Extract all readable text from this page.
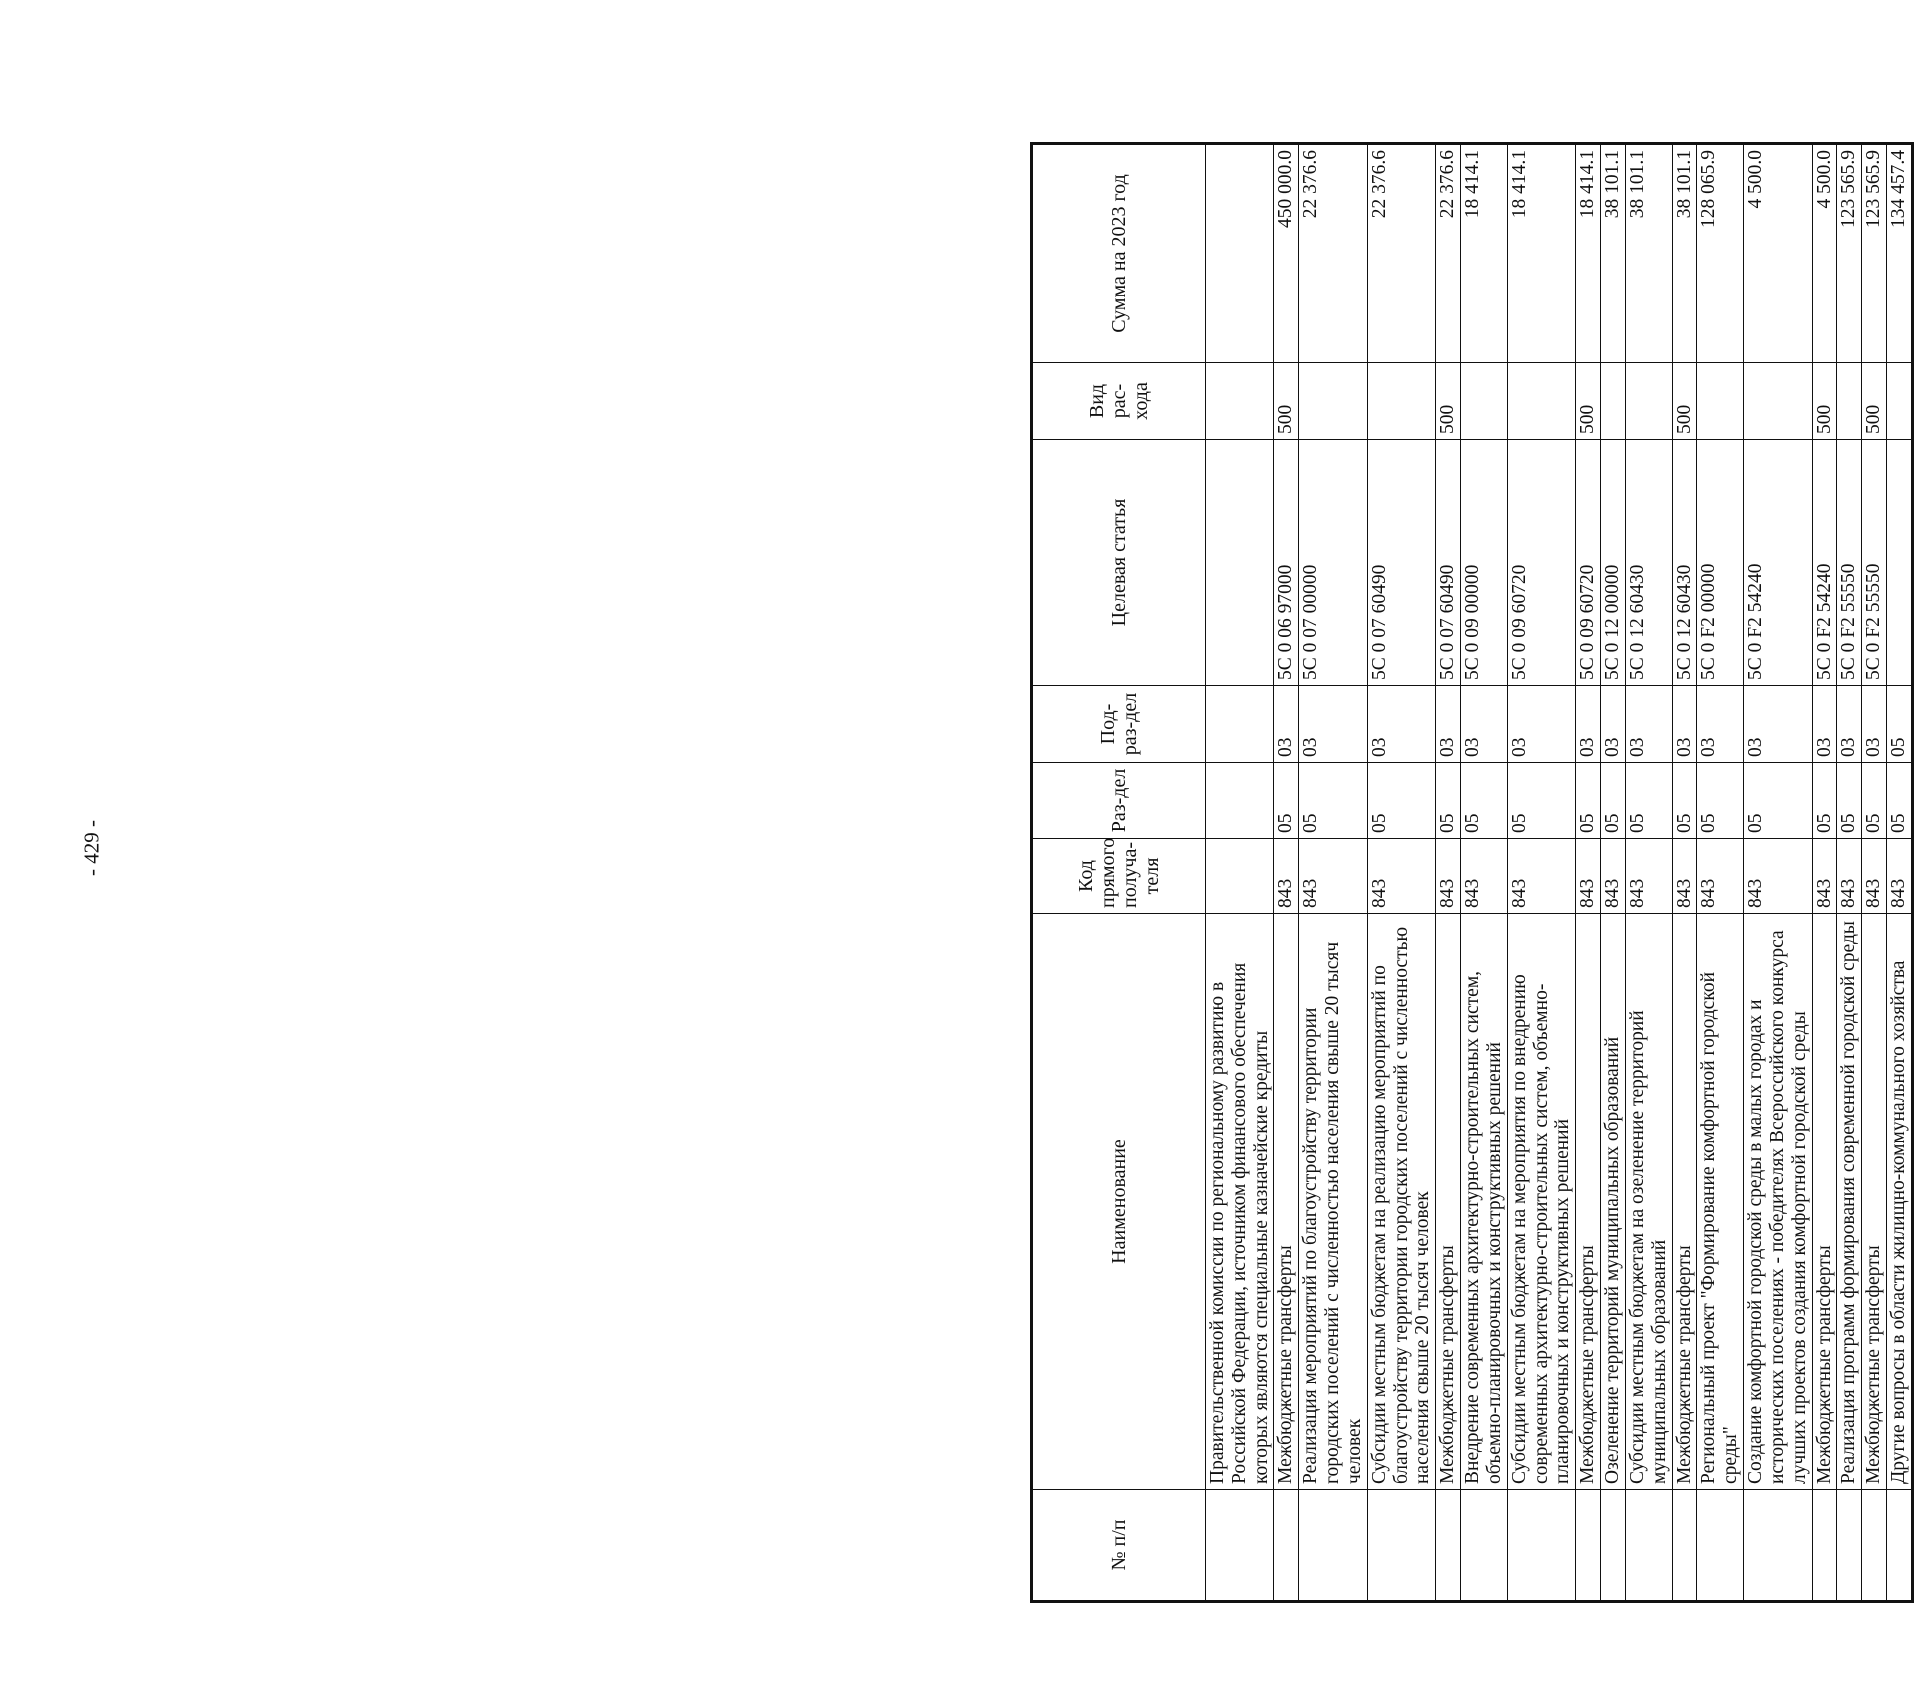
- 429 -
№ п/п	Наименование	Код прямого получа-теля	Раз-дел	Под-раз-дел	Целевая статья	Вид рас-хода	Сумма на 2023 год
	Правительственной комиссии по региональному развитию в Российской Федерации, источником финансового обеспечения которых являются специальные казначейские кредиты						
	Межбюджетные трансферты	843	05	03	5С 0 06 97000	500	450 000.0
	Реализация мероприятий по благоустройству территории городских поселений с численностью населения свыше 20 тысяч человек	843	05	03	5С 0 07 00000		22 376.6
	Субсидии местным бюджетам на реализацию мероприятий по благоустройству территории городских поселений с численностью населения свыше 20 тысяч человек	843	05	03	5С 0 07 60490		22 376.6
	Межбюджетные трансферты	843	05	03	5С 0 07 60490	500	22 376.6
	Внедрение современных архитектурно-строительных систем, объемно-планировочных и конструктивных решений	843	05	03	5С 0 09 00000		18 414.1
	Субсидии местным бюджетам на мероприятия по внедрению современных архитектурно-строительных систем, объемно-планировочных и конструктивных решений	843	05	03	5С 0 09 60720		18 414.1
	Межбюджетные трансферты	843	05	03	5С 0 09 60720	500	18 414.1
	Озеленение территорий муниципальных образований	843	05	03	5С 0 12 00000		38 101.1
	Субсидии местным бюджетам на озеленение территорий муниципальных образований	843	05	03	5С 0 12 60430		38 101.1
	Межбюджетные трансферты	843	05	03	5С 0 12 60430	500	38 101.1
	Региональный проект "Формирование комфортной городской среды"	843	05	03	5С 0 F2 00000		128 065.9
	Создание комфортной городской среды в малых городах и исторических поселениях - победителях Всероссийского конкурса лучших проектов создания комфортной городской среды	843	05	03	5С 0 F2 54240		4 500.0
	Межбюджетные трансферты	843	05	03	5С 0 F2 54240	500	4 500.0
	Реализация программ формирования современной городской среды	843	05	03	5С 0 F2 55550		123 565.9
	Межбюджетные трансферты	843	05	03	5С 0 F2 55550	500	123 565.9
	Другие вопросы в области жилищно-коммунального хозяйства	843	05	05			134 457.4
